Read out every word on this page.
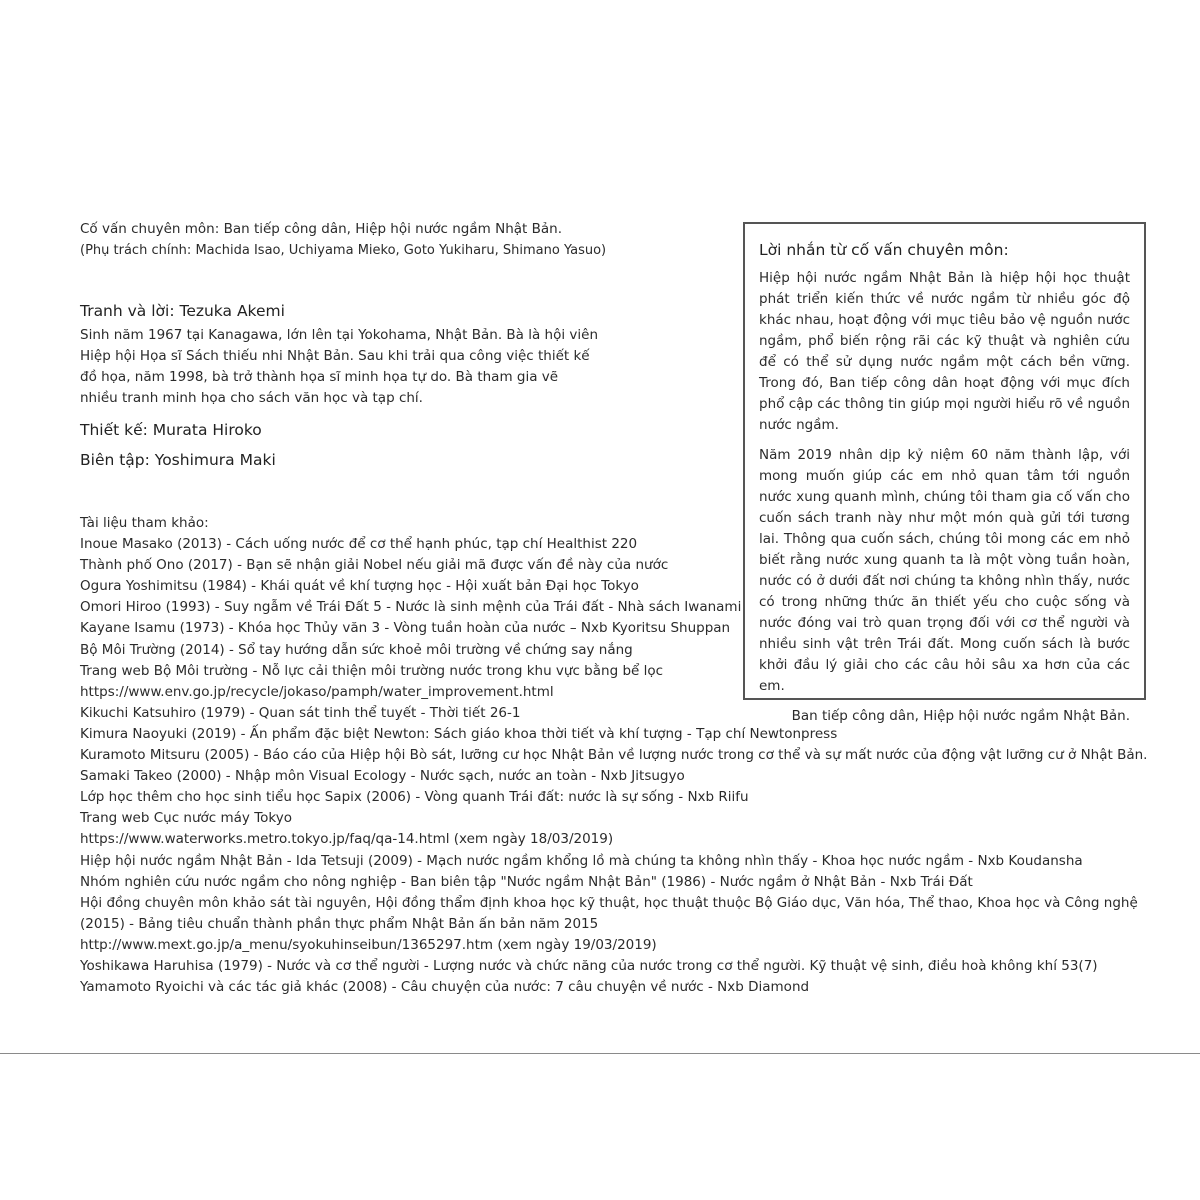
Cố vấn chuyên môn: Ban tiếp công dân, Hiệp hội nước ngầm Nhật Bản.
(Phụ trách chính: Machida Isao, Uchiyama Mieko, Goto Yukiharu, Shimano Yasuo)
Tranh và lời: Tezuka Akemi
Sinh năm 1967 tại Kanagawa, lớn lên tại Yokohama, Nhật Bản. Bà là hội viên Hiệp hội Họa sĩ Sách thiếu nhi Nhật Bản. Sau khi trải qua công việc thiết kế đồ họa, năm 1998, bà trở thành họa sĩ minh họa tự do. Bà tham gia vẽ nhiều tranh minh họa cho sách văn học và tạp chí.
Thiết kế: Murata Hiroko
Biên tập: Yoshimura Maki
Tài liệu tham khảo:
Inoue Masako (2013) - Cách uống nước để cơ thể hạnh phúc, tạp chí Healthist 220
Thành phố Ono (2017) - Bạn sẽ nhận giải Nobel nếu giải mã được vấn đề này của nước
Ogura Yoshimitsu (1984) - Khái quát về khí tượng học - Hội xuất bản Đại học Tokyo
Omori Hiroo (1993) - Suy ngẫm về Trái Đất 5 - Nước là sinh mệnh của Trái đất - Nhà sách Iwanami
Kayane Isamu (1973) - Khóa học Thủy văn 3 - Vòng tuần hoàn của nước – Nxb Kyoritsu Shuppan
Bộ Môi Trường (2014) - Sổ tay hướng dẫn sức khoẻ môi trường về chứng say nắng
Trang web Bộ Môi trường - Nỗ lực cải thiện môi trường nước trong khu vực bằng bể lọc
https://www.env.go.jp/recycle/jokaso/pamph/water_improvement.html
Kikuchi Katsuhiro (1979) - Quan sát tinh thể tuyết - Thời tiết 26-1
Kimura Naoyuki (2019) - Ấn phẩm đặc biệt Newton: Sách giáo khoa thời tiết và khí tượng - Tạp chí Newtonpress
Kuramoto Mitsuru (2005) - Báo cáo của Hiệp hội Bò sát, lưỡng cư học Nhật Bản về lượng nước trong cơ thể và sự mất nước của động vật lưỡng cư ở Nhật Bản.
Samaki Takeo (2000) - Nhập môn Visual Ecology - Nước sạch, nước an toàn - Nxb Jitsugyo
Lớp học thêm cho học sinh tiểu học Sapix (2006) - Vòng quanh Trái đất: nước là sự sống - Nxb Riifu
Trang web Cục nước máy Tokyo
https://www.waterworks.metro.tokyo.jp/faq/qa-14.html (xem ngày 18/03/2019)
Hiệp hội nước ngầm Nhật Bản - Ida Tetsuji (2009) - Mạch nước ngầm khổng lồ mà chúng ta không nhìn thấy - Khoa học nước ngầm - Nxb Koudansha
Nhóm nghiên cứu nước ngầm cho nông nghiệp - Ban biên tập "Nước ngầm Nhật Bản" (1986) - Nước ngầm ở Nhật Bản - Nxb Trái Đất
Hội đồng chuyên môn khảo sát tài nguyên, Hội đồng thẩm định khoa học kỹ thuật, học thuật thuộc Bộ Giáo dục, Văn hóa, Thể thao, Khoa học và Công nghệ (2015) - Bảng tiêu chuẩn thành phần thực phẩm Nhật Bản ấn bản năm 2015
http://www.mext.go.jp/a_menu/syokuhinseibun/1365297.htm (xem ngày 19/03/2019)
Yoshikawa Haruhisa (1979) - Nước và cơ thể người - Lượng nước và chức năng của nước trong cơ thể người. Kỹ thuật vệ sinh, điều hoà không khí 53(7)
Yamamoto Ryoichi và các tác giả khác (2008) - Câu chuyện của nước: 7 câu chuyện về nước - Nxb Diamond
Lời nhắn từ cố vấn chuyên môn:

Hiệp hội nước ngầm Nhật Bản là hiệp hội học thuật phát triển kiến thức về nước ngầm từ nhiều góc độ khác nhau, hoạt động với mục tiêu bảo vệ nguồn nước ngầm, phổ biến rộng rãi các kỹ thuật và nghiên cứu để có thể sử dụng nước ngầm một cách bền vững. Trong đó, Ban tiếp công dân hoạt động với mục đích phổ cập các thông tin giúp mọi người hiểu rõ về nguồn nước ngầm.

Năm 2019 nhân dịp kỷ niệm 60 năm thành lập, với mong muốn giúp các em nhỏ quan tâm tới nguồn nước xung quanh mình, chúng tôi tham gia cố vấn cho cuốn sách tranh này như một món quà gửi tới tương lai. Thông qua cuốn sách, chúng tôi mong các em nhỏ biết rằng nước xung quanh ta là một vòng tuần hoàn, nước có ở dưới đất nơi chúng ta không nhìn thấy, nước có trong những thức ăn thiết yếu cho cuộc sống và nước đóng vai trò quan trọng đối với cơ thể người và nhiều sinh vật trên Trái đất. Mong cuốn sách là bước khởi đầu lý giải cho các câu hỏi sâu xa hơn của các em.

Ban tiếp công dân, Hiệp hội nước ngầm Nhật Bản.
